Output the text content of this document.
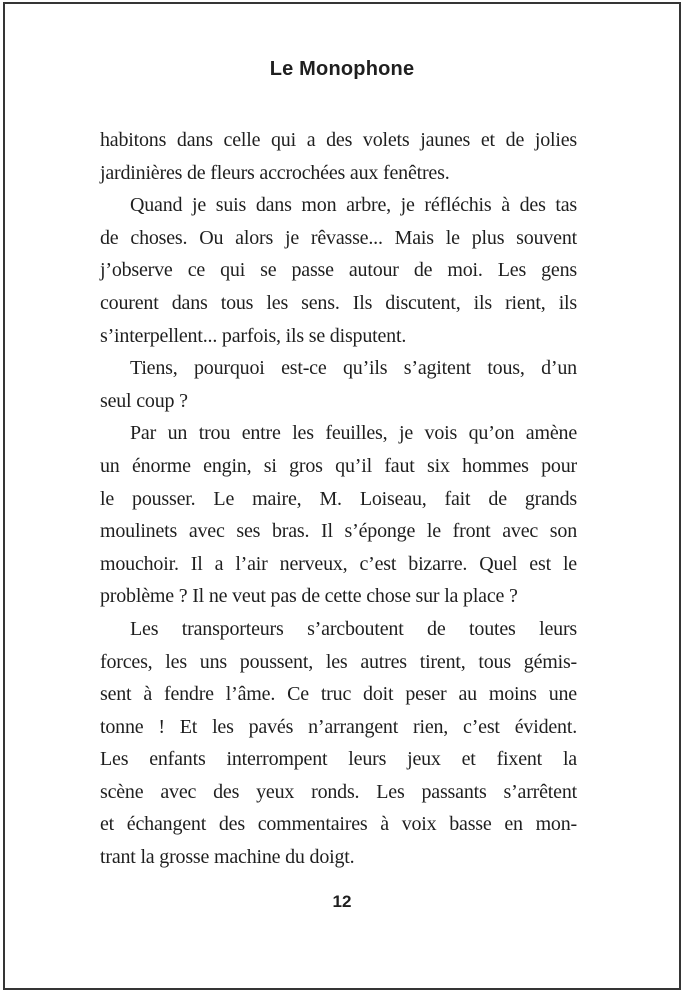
Le Monophone
habitons dans celle qui a des volets jaunes et de jolies
jardinières de fleurs accrochées aux fenêtres.
Quand je suis dans mon arbre, je réfléchis à des tas
de choses. Ou alors je rêvasse... Mais le plus souvent
j’observe ce qui se passe autour de moi. Les gens
courent dans tous les sens. Ils discutent, ils rient, ils
s’interpellent... parfois, ils se disputent.
Tiens, pourquoi est-ce qu’ils s’agitent tous, d’un
seul coup ?
Par un trou entre les feuilles, je vois qu’on amène
un énorme engin, si gros qu’il faut six hommes pour
le pousser. Le maire, M. Loiseau, fait de grands
moulinets avec ses bras. Il s’éponge le front avec son
mouchoir. Il a l’air nerveux, c’est bizarre. Quel est le
problème ? Il ne veut pas de cette chose sur la place ?
Les transporteurs s’arcboutent de toutes leurs
forces, les uns poussent, les autres tirent, tous gémis-
sent à fendre l’âme. Ce truc doit peser au moins une
tonne ! Et les pavés n’arrangent rien, c’est évident.
Les enfants interrompent leurs jeux et fixent la
scène avec des yeux ronds. Les passants s’arrêtent
et échangent des commentaires à voix basse en mon-
trant la grosse machine du doigt.
12
